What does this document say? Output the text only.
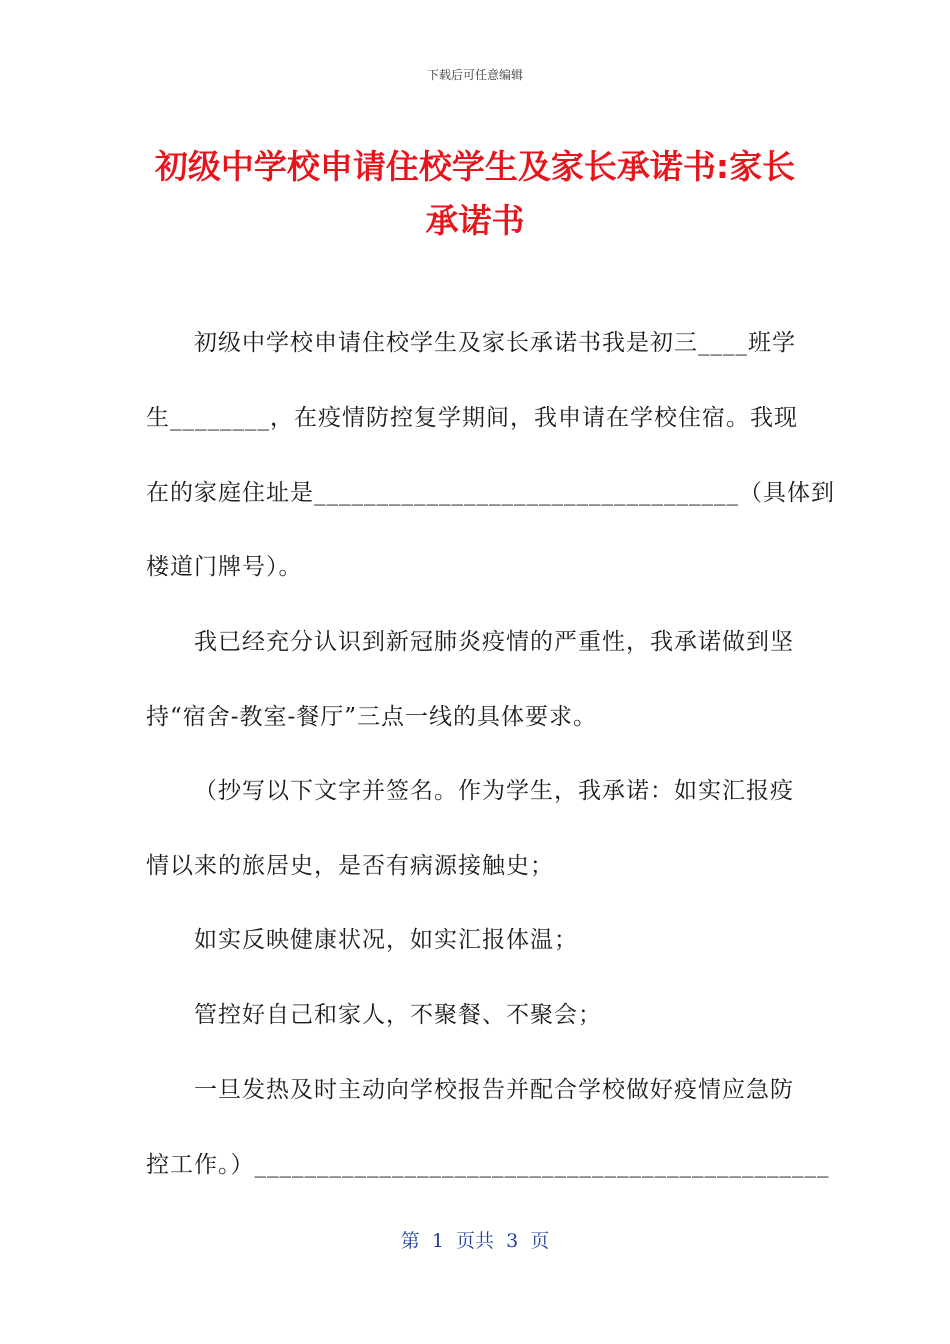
下载后可任意编辑
初级中学校申请住校学生及家长承诺书:家长承诺书
初级中学校申请住校学生及家长承诺书我是初三____班学
生________，在疫情防控复学期间，我申请在学校住宿。我现
在的家庭住址是__________________________________（具体到
楼道门牌号）。
我已经充分认识到新冠肺炎疫情的严重性，我承诺做到坚
持“宿舍-教室-餐厅”三点一线的具体要求。
（抄写以下文字并签名。作为学生，我承诺：如实汇报疫
情以来的旅居史，是否有病源接触史；
如实反映健康状况，如实汇报体温；
管控好自己和家人，不聚餐、不聚会；
一旦发热及时主动向学校报告并配合学校做好疫情应急防
控工作。）______________________________________________
第  1  页共  3  页
